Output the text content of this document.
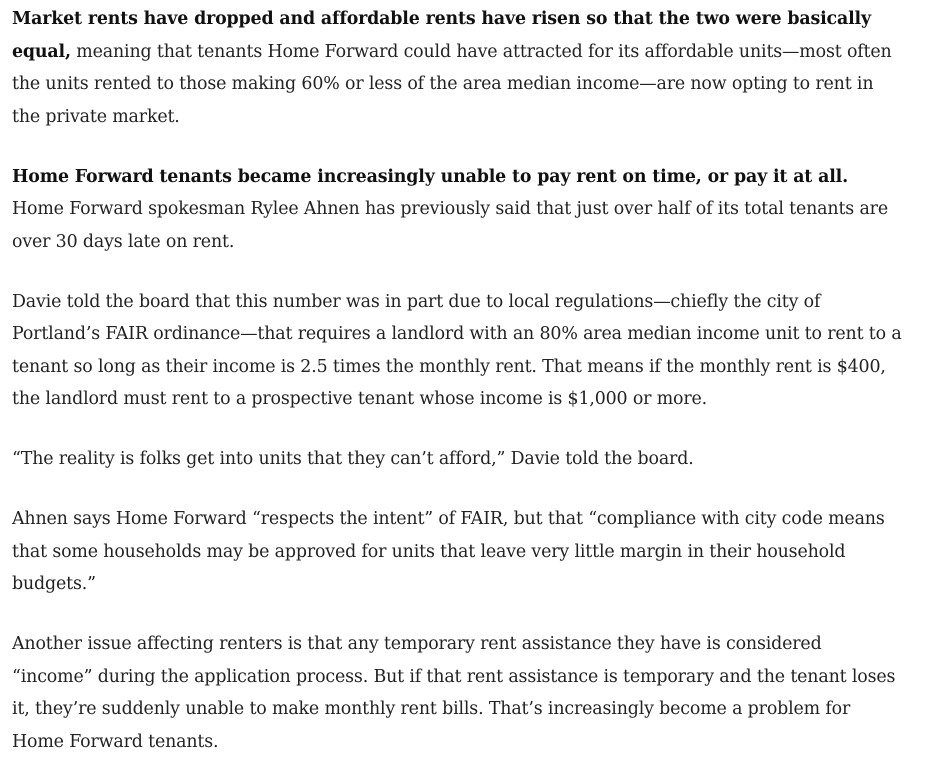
Market rents have dropped and affordable rents have risen so that the two were basically equal, meaning that tenants Home Forward could have attracted for its affordable units—most often the units rented to those making 60% or less of the area median income—are now opting to rent in the private market.

Home Forward tenants became increasingly unable to pay rent on time, or pay it at all. Home Forward spokesman Rylee Ahnen has previously said that just over half of its total tenants are over 30 days late on rent.

Davie told the board that this number was in part due to local regulations—chiefly the city of Portland’s FAIR ordinance—that requires a landlord with an 80% area median income unit to rent to a tenant so long as their income is 2.5 times the monthly rent. That means if the monthly rent is $400, the landlord must rent to a prospective tenant whose income is $1,000 or more.

“The reality is folks get into units that they can’t afford,” Davie told the board.

Ahnen says Home Forward “respects the intent” of FAIR, but that “compliance with city code means that some households may be approved for units that leave very little margin in their household budgets.”

Another issue affecting renters is that any temporary rent assistance they have is considered “income” during the application process. But if that rent assistance is temporary and the tenant loses it, they’re suddenly unable to make monthly rent bills. That’s increasingly become a problem for Home Forward tenants.
